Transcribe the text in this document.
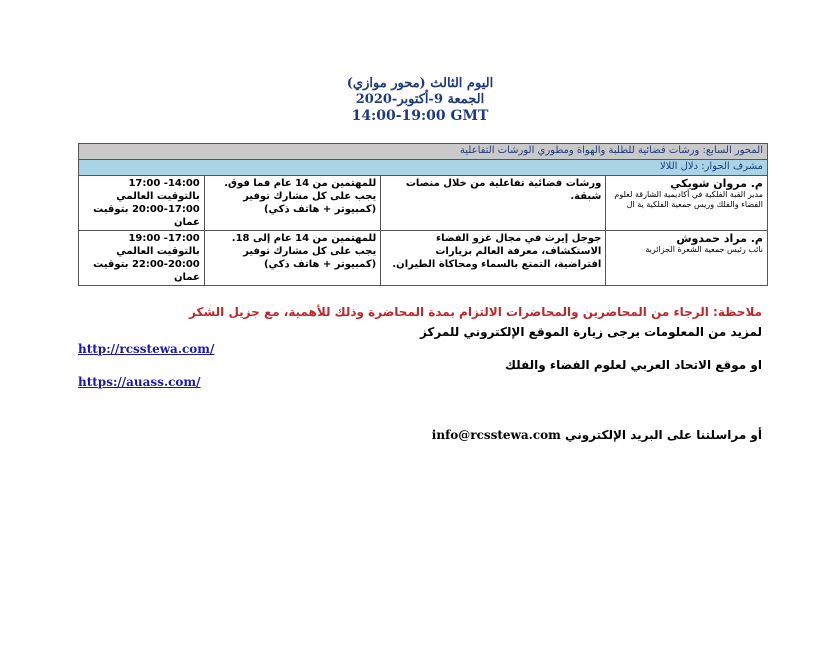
اليوم الثالث (محور موازي)
الجمعة 9-أكتوبر-2020
14:00-19:00 GMT
المحور السابع: ورشات فضائية للطلبة والهواة ومطوري الورشات التفاعلية			
مشرف الحوار: دلال اللالا			

م. مروان شويكي
مدير القبة الفلكية في أكاديمية الشارقة لعلوم الفضاء والفلك وريس جمعية الفلكية ية ال	ورشات فضائية تفاعلية من خلال منصات شبقة.	للمهتمين من 14 عام فما فوق. يجب على كل مشارك توفير (كمبيوتر + هاتف ذكي)	14:00- 17:00 بالتوقيت العالمي 17:00-20:00 بتوقيت عمان

م. مراد حمدوش
نائب رئيس جمعية الشعرة الجزائرية	جوجل إيرث في مجال غزو الفضاء الاستكشاف، معرفة العالم بزيارات افتراضية، التمتع بالسماء ومحاكاة الطيران.	للمهتمين من 14 عام إلى 18. يجب على كل مشارك توفير (كمبيوتر + هاتف ذكي)	17:00- 19:00 بالتوقيت العالمي 20:00-22:00 بتوقيت عمان
ملاحظة: الرجاء من المحاضرين والمحاضرات الالتزام بمدة المحاضرة وذلك للأهمية، مع جزيل الشكر
لمزيد من المعلومات يرجى زيارة الموقع الإلكتروني للمركز
http://rcsstewa.com/
او موقع الاتحاد العربي لعلوم الفضاء والفلك
https://auass.com/
أو مراسلتنا على البريد الإلكتروني info@rcsstewa.com
